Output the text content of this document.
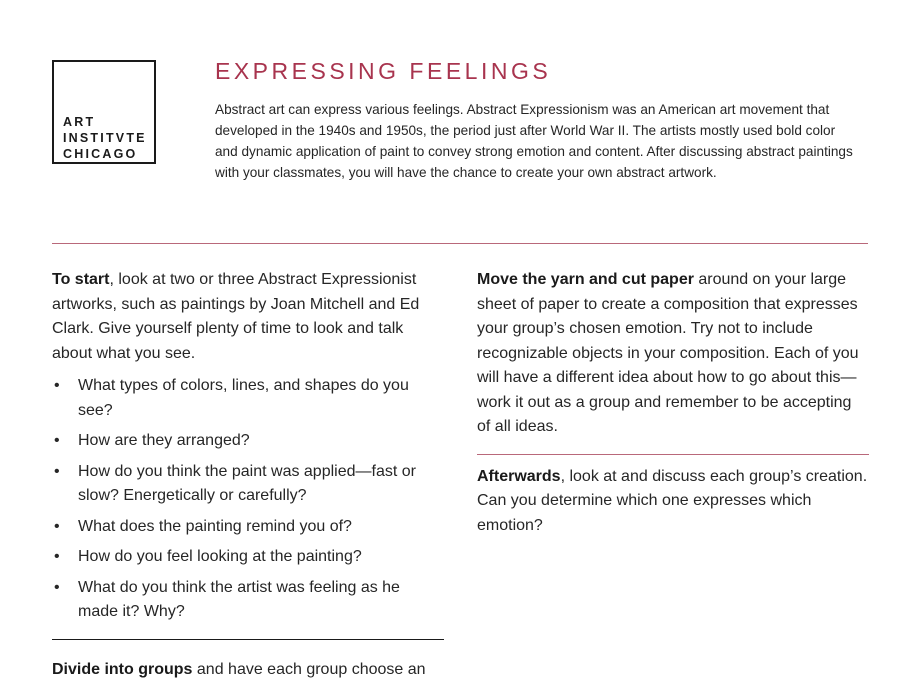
ART
INSTITVTE
CHICAGO
EXPRESSING FEELINGS

Abstract art can express various feelings. Abstract Expressionism was an American art movement that developed in the 1940s and 1950s, the period just after World War II. The artists mostly used bold color and dynamic application of paint to convey strong emotion and content. After discussing abstract paintings with your classmates, you will have the chance to create your own abstract artwork.

To start, look at two or three Abstract Expressionist artworks, such as paintings by Joan Mitchell and Ed Clark. Give yourself plenty of time to look and talk about what you see.

• What types of colors, lines, and shapes do you see?
• How are they arranged?
• How do you think the paint was applied—fast or slow? Energetically or carefully?
• What does the painting remind you of?
• How do you feel looking at the painting?
• What do you think the artist was feeling as he made it? Why?

Divide into groups and have each group choose an

Move the yarn and cut paper around on your large sheet of paper to create a composition that expresses your group’s chosen emotion. Try not to include recognizable objects in your composition. Each of you will have a different idea about how to go about this—work it out as a group and remember to be accepting of all ideas.

Afterwards, look at and discuss each group’s creation. Can you determine which one expresses which emotion?
